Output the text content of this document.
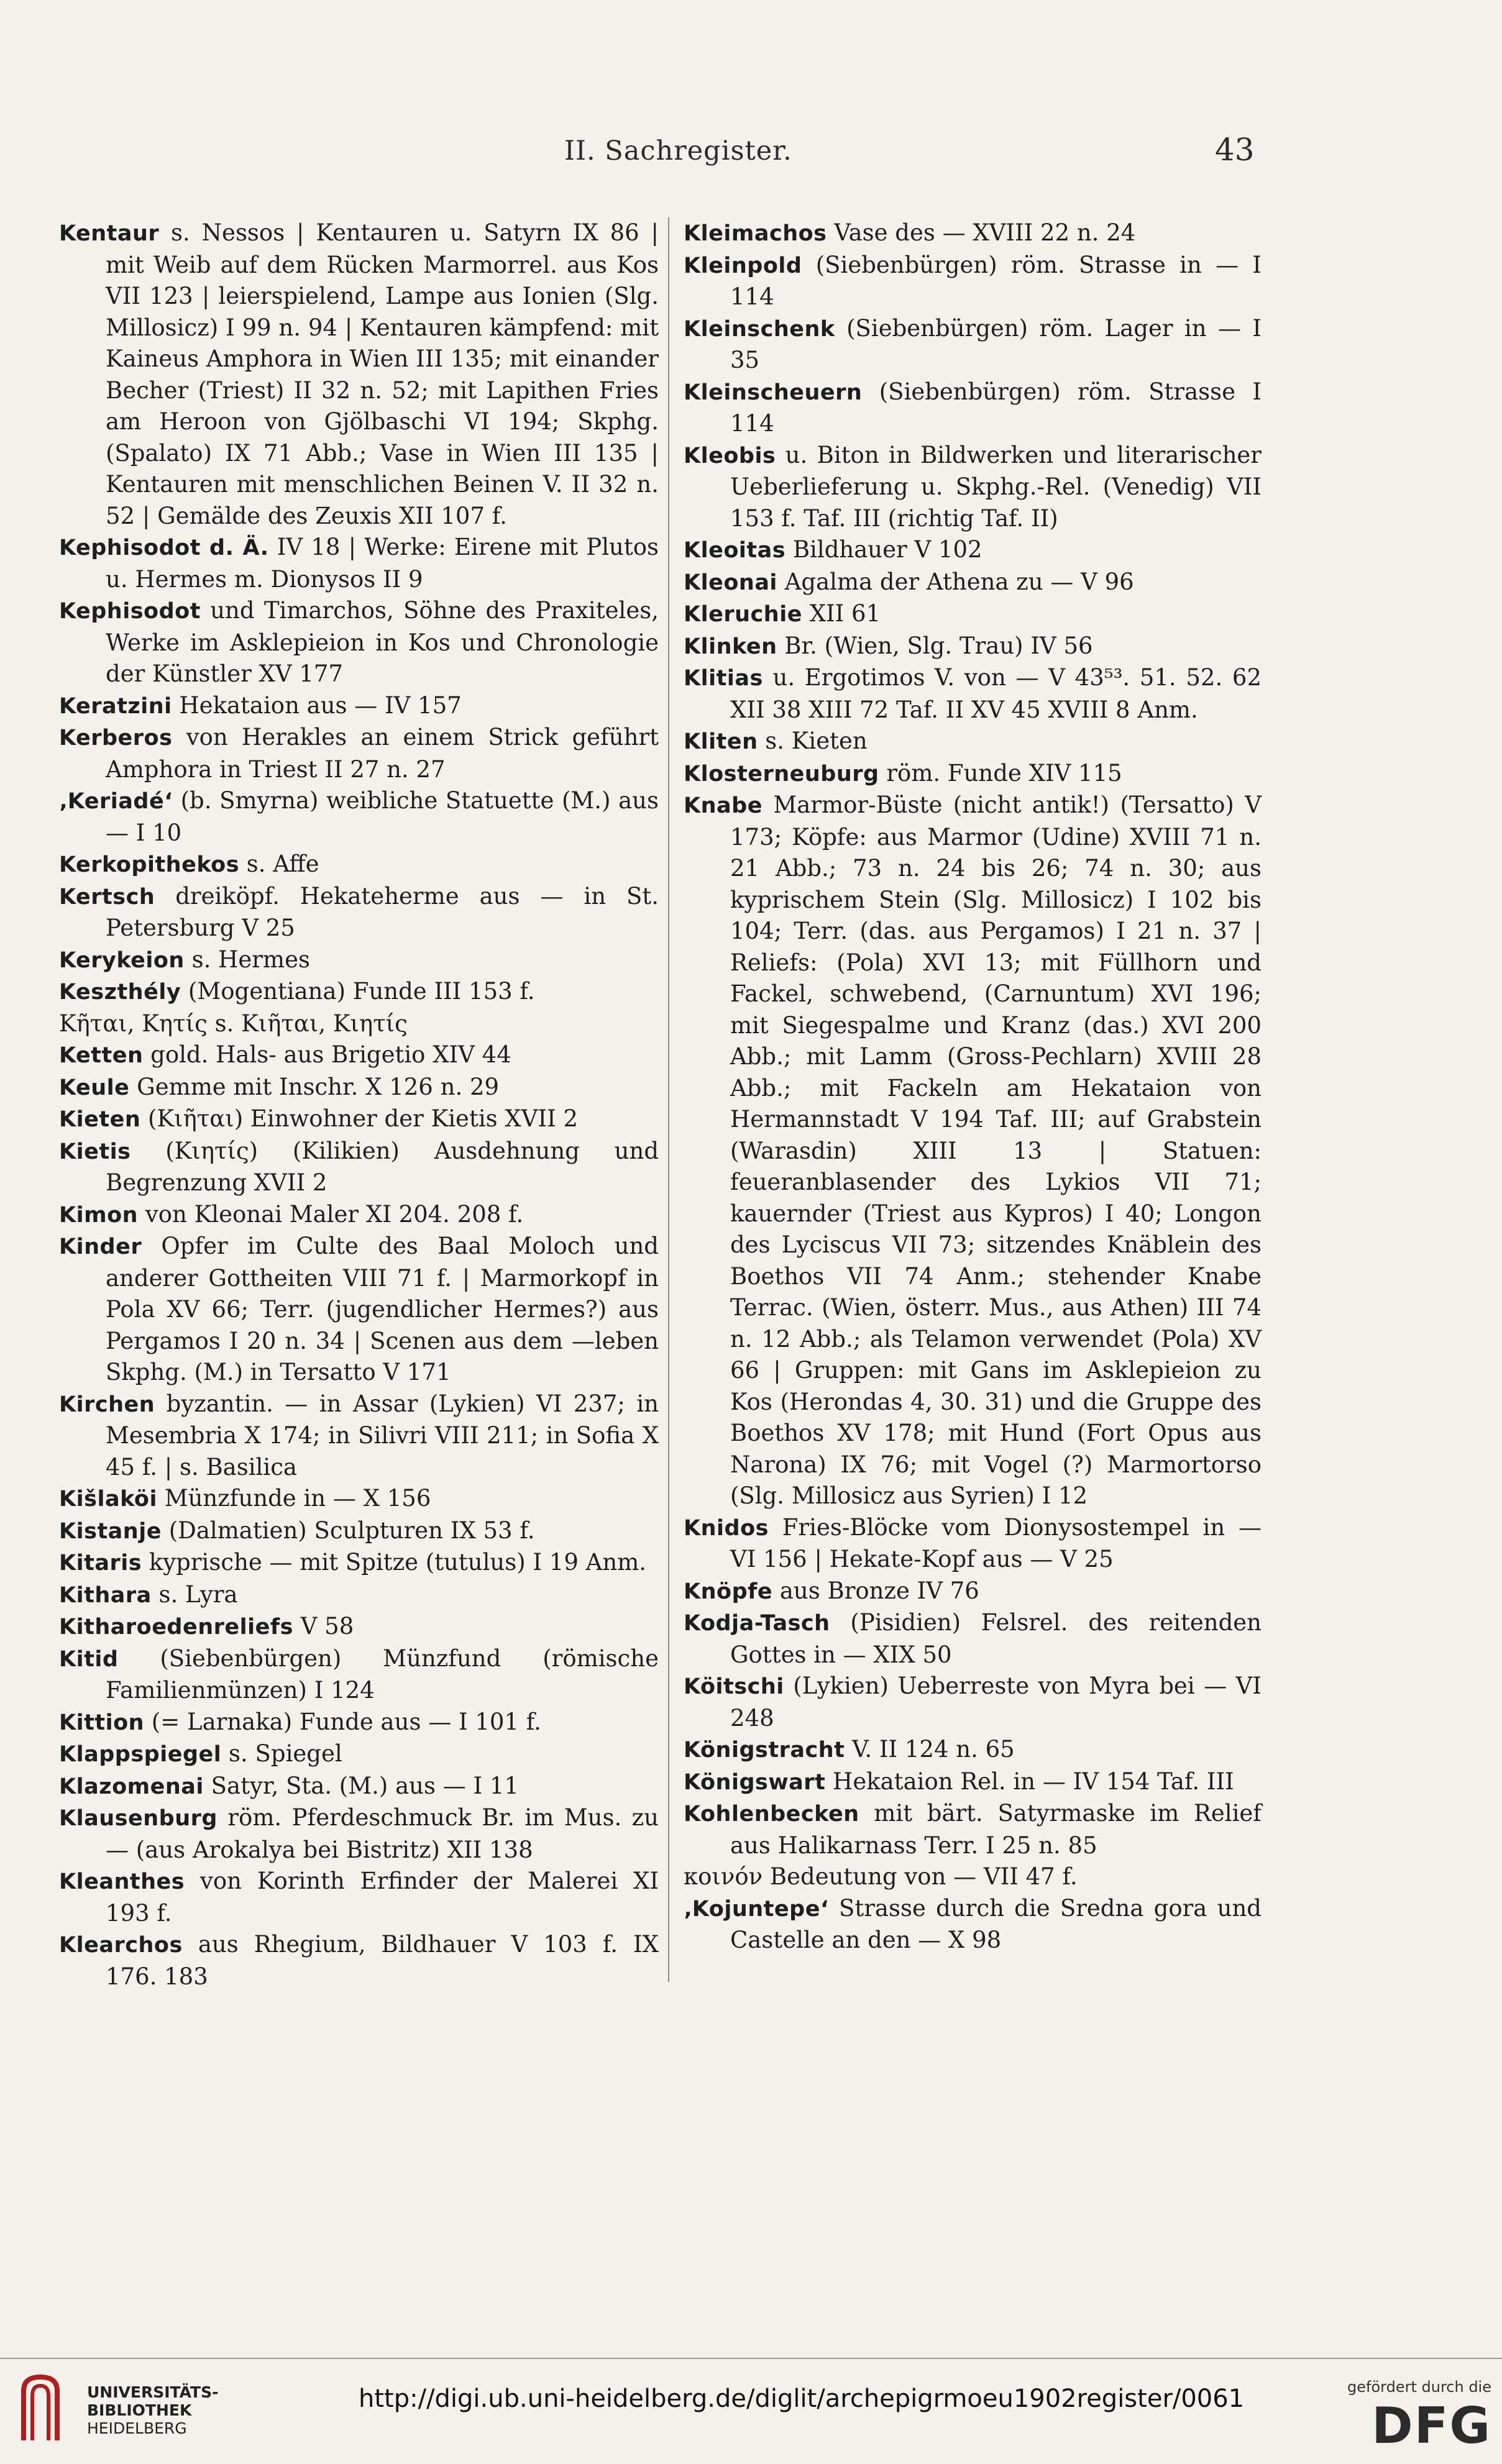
II. Sachregister.	43

Kentaur s. Nessos | Kentauren u. Satyrn IX 86 | mit Weib auf dem Rücken Marmorrel. aus Kos VII 123 | leierspielend, Lampe aus Ionien (Slg. Millosicz) I 99 n. 94 | Kentauren kämpfend: mit Kaineus Amphora in Wien III 135; mit einander Becher (Triest) II 32 n. 52; mit Lapithen Fries am Heroon von Gjölbaschi VI 194; Skphg. (Spalato) IX 71 Abb.; Vase in Wien III 135 | Kentauren mit menschlichen Beinen V. II 32 n. 52 | Gemälde des Zeuxis XII 107 f.

Kephisodot d. Ä. IV 18 | Werke: Eirene mit Plutos u. Hermes m. Dionysos II 9

Kephisodot und Timarchos, Söhne des Praxiteles, Werke im Asklepieion in Kos und Chronologie der Künstler XV 177

Keratzini Hekataion aus — IV 157

Kerberos von Herakles an einem Strick geführt Amphora in Triest II 27 n. 27

‚Keriadé‘ (b. Smyrna) weibliche Statuette (M.) aus — I 10

Kerkopithekos s. Affe

Kertsch dreiköpf. Hekateherme aus — in St. Petersburg V 25

Kerykeion s. Hermes

Keszthély (Mogentiana) Funde III 153 f.

Κῆται, Κητίς s. Κιῆται, Κιητίς

Ketten gold. Hals- aus Brigetio XIV 44

Keule Gemme mit Inschr. X 126 n. 29

Kieten (Κιῆται) Einwohner der Kietis XVII 2

Kietis (Κιητίς) (Kilikien) Ausdehnung und Begrenzung XVII 2

Kimon von Kleonai Maler XI 204. 208 f.

Kinder Opfer im Culte des Baal Moloch und anderer Gottheiten VIII 71 f. | Marmorkopf in Pola XV 66; Terr. (jugendlicher Hermes?) aus Pergamos I 20 n. 34 | Scenen aus dem —leben Skphg. (M.) in Tersatto V 171

Kirchen byzantin. — in Assar (Lykien) VI 237; in Mesembria X 174; in Silivri VIII 211; in Sofia X 45 f. | s. Basilica

Kišlaköi Münzfunde in — X 156

Kistanje (Dalmatien) Sculpturen IX 53 f.

Kitaris kyprische — mit Spitze (tutulus) I 19 Anm.

Kithara s. Lyra

Kitharoedenreliefs V 58

Kitid (Siebenbürgen) Münzfund (römische Familienmünzen) I 124

Kittion (= Larnaka) Funde aus — I 101 f.

Klappspiegel s. Spiegel

Klazomenai Satyr, Sta. (M.) aus — I 11

Klausenburg röm. Pferdeschmuck Br. im Mus. zu — (aus Arokalya bei Bistritz) XII 138

Kleanthes von Korinth Erfinder der Malerei XI 193 f.

Klearchos aus Rhegium, Bildhauer V 103 f. IX 176. 183

Kleimachos Vase des — XVIII 22 n. 24

Kleinpold (Siebenbürgen) röm. Strasse in — I 114

Kleinschenk (Siebenbürgen) röm. Lager in — I 35

Kleinscheuern (Siebenbürgen) röm. Strasse I 114

Kleobis u. Biton in Bildwerken und literarischer Ueberlieferung u. Skphg.-Rel. (Venedig) VII 153 f. Taf. III (richtig Taf. II)

Kleoitas Bildhauer V 102

Kleonai Agalma der Athena zu — V 96

Kleruchie XII 61

Klinken Br. (Wien, Slg. Trau) IV 56

Klitias u. Ergotimos V. von — V 43⁵³. 51. 52. 62 XII 38 XIII 72 Taf. II XV 45 XVIII 8 Anm.

Kliten s. Kieten

Klosterneuburg röm. Funde XIV 115

Knabe Marmor-Büste (nicht antik!) (Tersatto) V 173; Köpfe: aus Marmor (Udine) XVIII 71 n. 21 Abb.; 73 n. 24 bis 26; 74 n. 30; aus kyprischem Stein (Slg. Millosicz) I 102 bis 104; Terr. (das. aus Pergamos) I 21 n. 37 | Reliefs: (Pola) XVI 13; mit Füllhorn und Fackel, schwebend, (Carnuntum) XVI 196; mit Siegespalme und Kranz (das.) XVI 200 Abb.; mit Lamm (Gross-Pechlarn) XVIII 28 Abb.; mit Fackeln am Hekataion von Hermannstadt V 194 Taf. III; auf Grabstein (Warasdin) XIII 13 | Statuen: feueranblasender des Lykios VII 71; kauernder (Triest aus Kypros) I 40; Longon des Lyciscus VII 73; sitzendes Knäblein des Boethos VII 74 Anm.; stehender Knabe Terrac. (Wien, österr. Mus., aus Athen) III 74 n. 12 Abb.; als Telamon verwendet (Pola) XV 66 | Gruppen: mit Gans im Asklepieion zu Kos (Herondas 4, 30. 31) und die Gruppe des Boethos XV 178; mit Hund (Fort Opus aus Narona) IX 76; mit Vogel (?) Marmortorso (Slg. Millosicz aus Syrien) I 12

Knidos Fries-Blöcke vom Dionysostempel in — VI 156 | Hekate-Kopf aus — V 25

Knöpfe aus Bronze IV 76

Kodja-Tasch (Pisidien) Felsrel. des reitenden Gottes in — XIX 50

Köitschi (Lykien) Ueberreste von Myra bei — VI 248

Königstracht V. II 124 n. 65

Königswart Hekataion Rel. in — IV 154 Taf. III

Kohlenbecken mit bärt. Satyrmaske im Relief aus Halikarnass Terr. I 25 n. 85

κοινόν Bedeutung von — VII 47 f.

‚Kojuntepe‘ Strasse durch die Sredna gora und Castelle an den — X 98

UNIVERSITÄTS-
BIBLIOTHEK
HEIDELBERG
http://digi.ub.uni-heidelberg.de/diglit/archepigrmoeu1902register/0061	gefördert durch die
DFG
